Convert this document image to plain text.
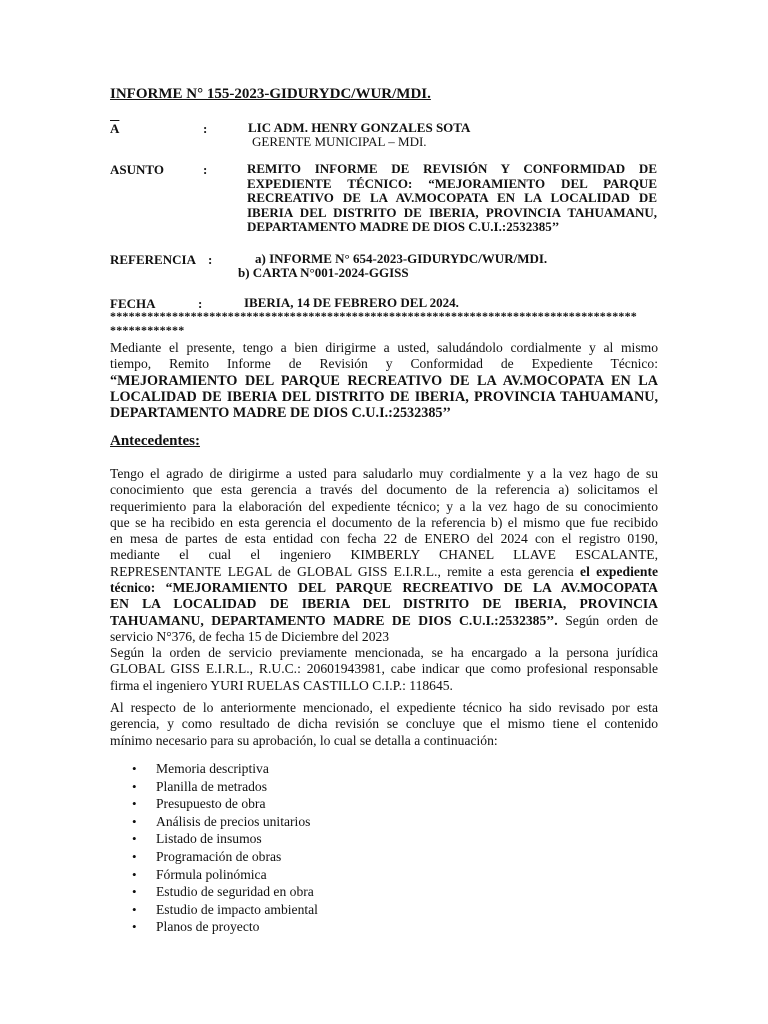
INFORME N° 155-2023-GIDURYDC/WUR/MDI.
$\overline{A}$	:	LIC ADM. HENRY GONZALES SOTA
GERENTE MUNICIPAL – MDI.
ASUNTO	:	REMITO INFORME DE REVISIÓN Y CONFORMIDAD DE
EXPEDIENTE TÉCNICO: “MEJORAMIENTO DEL PARQUE
RECREATIVO DE LA AV.MOCOPATA EN LA LOCALIDAD DE
IBERIA DEL DISTRITO DE IBERIA, PROVINCIA TAHUAMANU,
DEPARTAMENTO MADRE DE DIOS C.U.I.:2532385’’
REFERENCIA :	a) INFORME N° 654-2023-GIDURYDC/WUR/MDI.
b) CARTA N°001-2024-GGISS
FECHA	:	IBERIA, 14 DE FEBRERO DEL 2024.
*************************************************************************************
************
Mediante el presente, tengo a bien dirigirme a usted, saludándolo cordialmente y al mismo
tiempo, Remito Informe de Revisión y Conformidad de Expediente Técnico:
“MEJORAMIENTO DEL PARQUE RECREATIVO DE LA AV.MOCOPATA EN LA
LOCALIDAD DE IBERIA DEL DISTRITO DE IBERIA, PROVINCIA TAHUAMANU,
DEPARTAMENTO MADRE DE DIOS C.U.I.:2532385’’
Antecedentes:
Tengo el agrado de dirigirme a usted para saludarlo muy cordialmente y a la vez hago de su
conocimiento que esta gerencia a través del documento de la referencia a) solicitamos el
requerimiento para la elaboración del expediente técnico; y a la vez hago de su conocimiento
que se ha recibido en esta gerencia el documento de la referencia b) el mismo que fue recibido
en mesa de partes de esta entidad con fecha 22 de ENERO del 2024 con el registro 0190,
mediante el cual el ingeniero KIMBERLY CHANEL LLAVE ESCALANTE,
REPRESENTANTE LEGAL de GLOBAL GISS E.I.R.L., remite a esta gerencia el expediente
técnico: “MEJORAMIENTO DEL PARQUE RECREATIVO DE LA AV.MOCOPATA
EN LA LOCALIDAD DE IBERIA DEL DISTRITO DE IBERIA, PROVINCIA
TAHUAMANU, DEPARTAMENTO MADRE DE DIOS C.U.I.:2532385’’. Según orden de
servicio N°376, de fecha 15 de Diciembre del 2023
Según la orden de servicio previamente mencionada, se ha encargado a la persona jurídica
GLOBAL GISS E.I.R.L., R.U.C.: 20601943981, cabe indicar que como profesional responsable
firma el ingeniero YURI RUELAS CASTILLO C.I.P.: 118645.
Al respecto de lo anteriormente mencionado, el expediente técnico ha sido revisado por esta
gerencia, y como resultado de dicha revisión se concluye que el mismo tiene el contenido
mínimo necesario para su aprobación, lo cual se detalla a continuación:
• Memoria descriptiva
• Planilla de metrados
• Presupuesto de obra
• Análisis de precios unitarios
• Listado de insumos
• Programación de obras
• Fórmula polinómica
• Estudio de seguridad en obra
• Estudio de impacto ambiental
• Planos de proyecto
